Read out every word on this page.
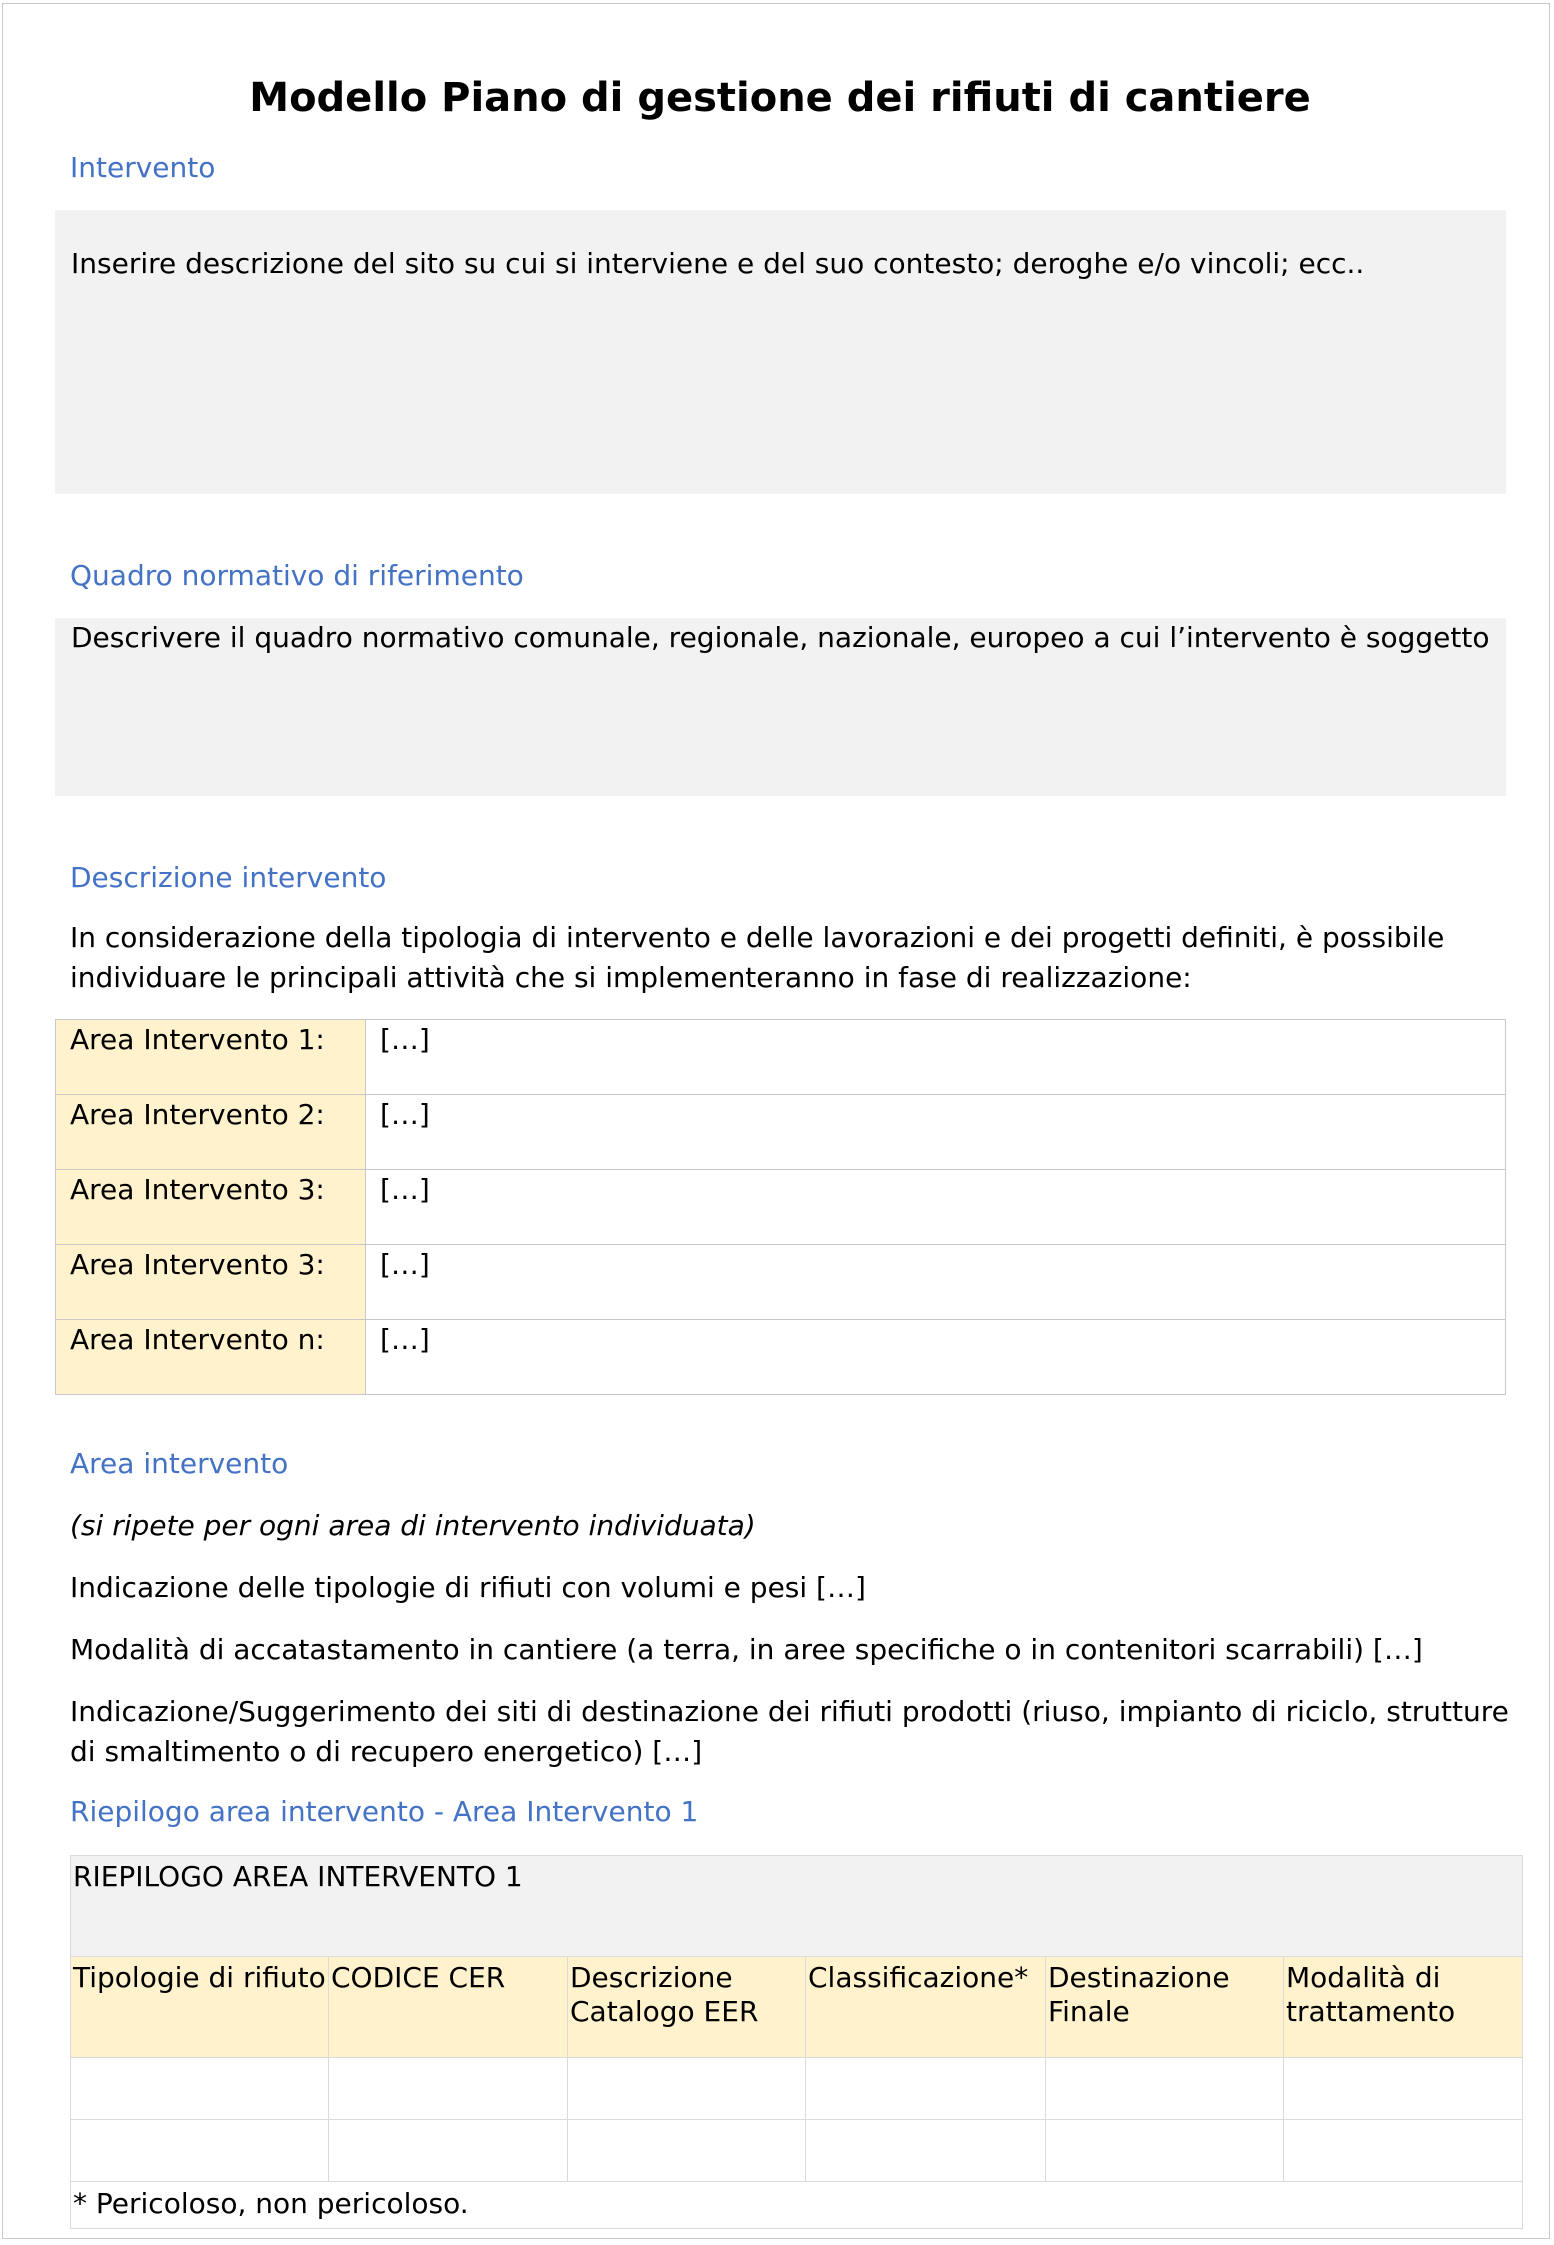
Modello Piano di gestione dei rifiuti di cantiere
Intervento
Inserire descrizione del sito su cui si interviene e del suo contesto; deroghe e/o vincoli; ecc..
Quadro normativo di riferimento
Descrivere il quadro normativo comunale, regionale, nazionale, europeo a cui l’intervento è soggetto
Descrizione intervento
In considerazione della tipologia di intervento e delle lavorazioni e dei progetti definiti, è possibile individuare le principali attività che si implementeranno in fase di realizzazione:
Area Intervento 1:	[…]
Area Intervento 2:	[…]
Area Intervento 3:	[…]
Area Intervento 3:	[…]
Area Intervento n:	[…]
Area intervento
(si ripete per ogni area di intervento individuata)
Indicazione delle tipologie di rifiuti con volumi e pesi […]
Modalità di accatastamento in cantiere (a terra, in aree specifiche o in contenitori scarrabili) […]
Indicazione/Suggerimento dei siti di destinazione dei rifiuti prodotti (riuso, impianto di riciclo, strutture di smaltimento o di recupero energetico) […]
Riepilogo area intervento - Area Intervento 1
RIEPILOGO AREA INTERVENTO 1					
Tipologie di rifiuto	CODICE CER	Descrizione Catalogo EER	Classificazione*	Destinazione Finale	Modalità di trattamento

* Pericoloso, non pericoloso.					
